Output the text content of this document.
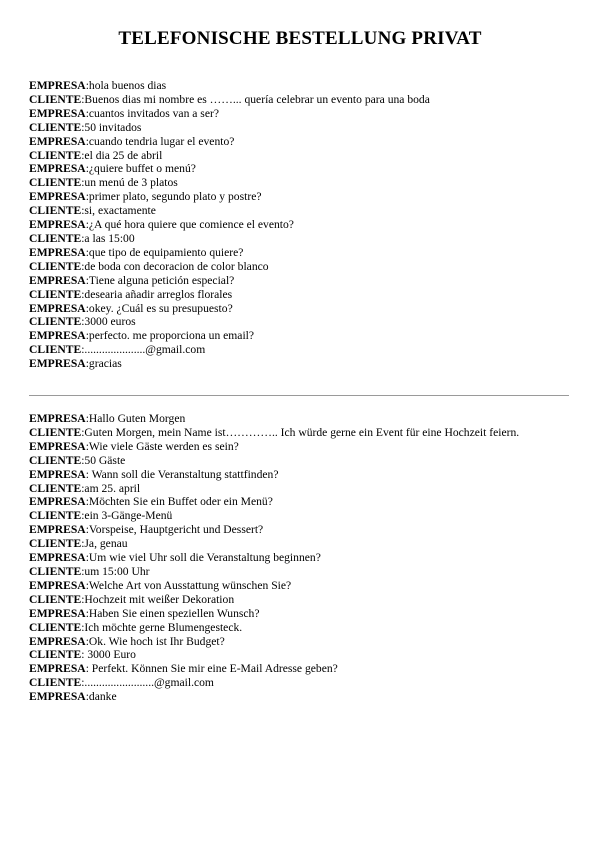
TELEFONISCHE BESTELLUNG PRIVAT
EMPRESA:hola buenos dias
CLIENTE:Buenos dias mi nombre es ……... quería celebrar un evento para una boda
EMPRESA:cuantos invitados van a ser?
CLIENTE:50 invitados
EMPRESA:cuando tendria lugar el evento?
CLIENTE:el dia 25 de abril
EMPRESA:¿quiere buffet o menú?
CLIENTE:un menú de 3 platos
EMPRESA:primer plato, segundo plato y postre?
CLIENTE:si, exactamente
EMPRESA:¿A qué hora quiere que comience el evento?
CLIENTE:a las 15:00
EMPRESA:que tipo de equipamiento quiere?
CLIENTE:de boda con decoracion de color blanco
EMPRESA:Tiene alguna petición especial?
CLIENTE:desearia añadir arreglos florales
EMPRESA:okey. ¿Cuál es su presupuesto?
CLIENTE:3000 euros
EMPRESA:perfecto. me proporciona un email?
CLIENTE:.....................@gmail.com
EMPRESA:gracias
EMPRESA:Hallo Guten Morgen
CLIENTE:Guten Morgen, mein Name ist………….. Ich würde gerne ein Event für eine Hochzeit feiern.
EMPRESA:Wie viele Gäste werden es sein?
CLIENTE:50 Gäste
EMPRESA: Wann soll die Veranstaltung stattfinden?
CLIENTE:am 25. april
EMPRESA:Möchten Sie ein Buffet oder ein Menü?
CLIENTE:ein 3-Gänge-Menü
EMPRESA:Vorspeise, Hauptgericht und Dessert?
CLIENTE:Ja, genau
EMPRESA:Um wie viel Uhr soll die Veranstaltung beginnen?
CLIENTE:um 15:00 Uhr
EMPRESA:Welche Art von Ausstattung wünschen Sie?
CLIENTE:Hochzeit mit weißer Dekoration
EMPRESA:Haben Sie einen speziellen Wunsch?
CLIENTE:Ich möchte gerne Blumengesteck.
EMPRESA:Ok. Wie hoch ist Ihr Budget?
CLIENTE: 3000 Euro
EMPRESA: Perfekt. Können Sie mir eine E-Mail Adresse geben?
CLIENTE:........................@gmail.com
EMPRESA:danke
